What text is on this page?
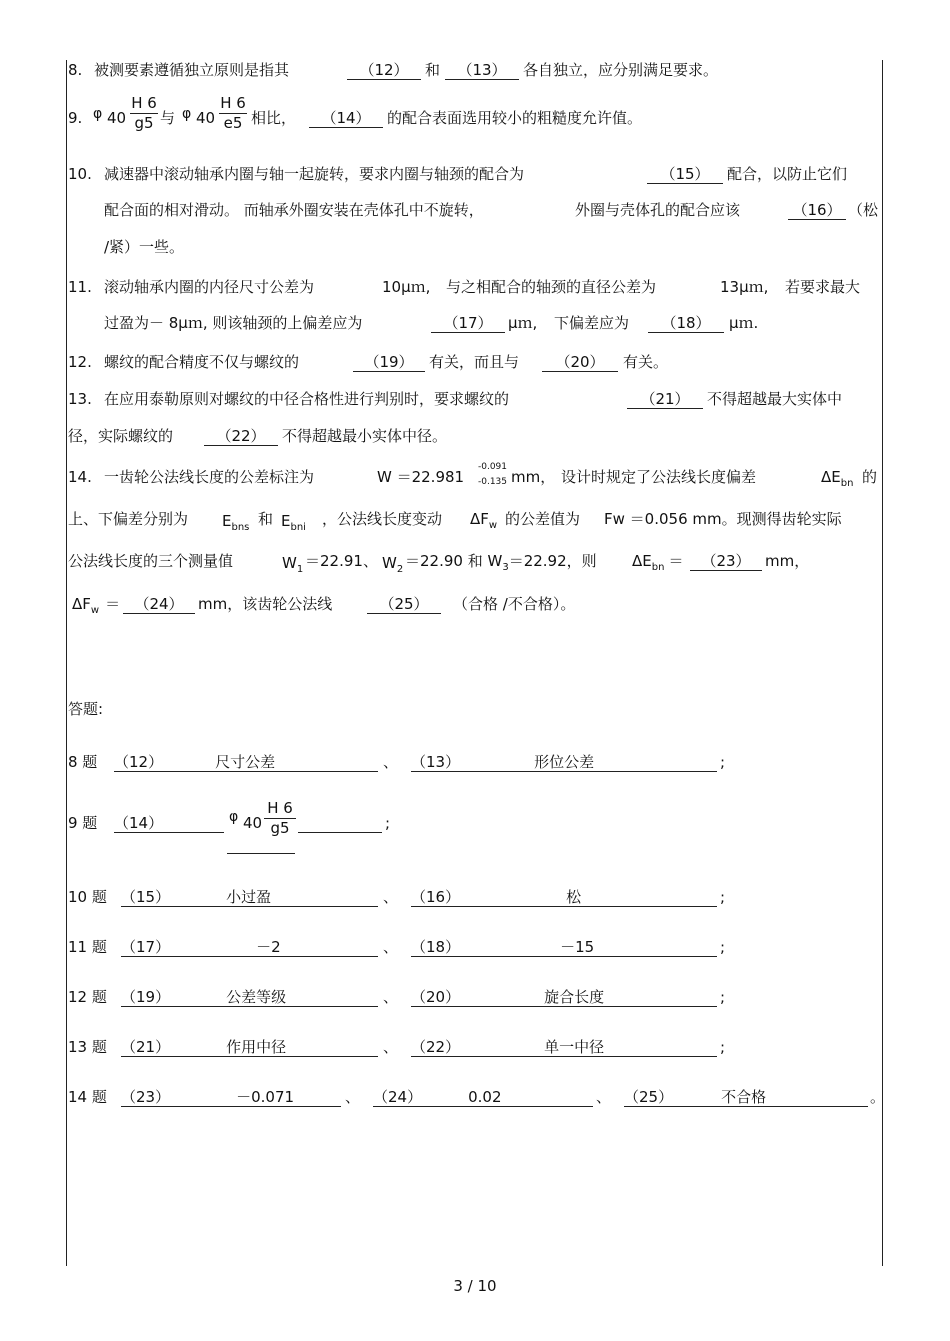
8. 被测要素遵循独立原则是指其	（12）	和	（13）	各自独立，应分别满足要求。
9. φ 40
H 6
g5 与 φ 40
H 6
e5 相比，	（14）	的配合表面选用较小的粗糙度允许值。
10. 减速器中滚动轴承内圈与轴一起旋转，要求内圈与轴颈的配合为	（15）	配合，以防止它们
配合面的相对滑动。 而轴承外圈安装在壳体孔中不旋转，	外圈与壳体孔的配合应该	（16） （松
/紧）一些。
11. 滚动轴承内圈的内径尺寸公差为	10μｍ, 与之相配合的轴颈的直径公差为	13μｍ, 若要求最大
过盈为－ 8μｍ, 则该轴颈的上偏差应为	（17）	μｍ, 下偏差应为	（18）	μｍ.
12. 螺纹的配合精度不仅与螺纹的	（19）	有关，而且与	（20）	有关。
13. 在应用泰勒原则对螺纹的中径合格性进行判别时，要求螺纹的	（21）	不得超越最大实体中
径，实际螺纹的	（22）	不得超越最小实体中径。
14. 一齿轮公法线长度的公差标注为	W ＝22.981
-0.091
-0.135 mm， 设计时规定了公法线长度偏差	$\Delta E_{bn}$ 的
上、下偏差分别为 $E_{bns}$ 和 $E_{bni}$ ，公法线长度变动 $\Delta F_w$ 的公差值为 Fw ＝0.056 mm。现测得齿轮实际
公法线长度的三个测量值	$W_1 =22.91$、 $W_2 =22.90$ 和 $W_3=22.92$，则 $\Delta E_{bn}$ ＝	（23） mm，
$\Delta F_w = (24)$ mm，该齿轮公法线	（25）	（合格 /不合格）。
答题:
8 题 （12）	尺寸公差	、 （13）	形位公差	;
9 题 （14）	φ 40
H 6
g5	;
10 题 （15）	小过盈	、 （16）	松	;
11 题 （17）	－2	、 （18）	－15	;
12 题 （19）	公差等级	、 （20）	旋合长度	;
13 题 （21）	作用中径	、 （22）	单一中径	;
14 题 （23）	－0.071	、 （24）	0.02	、 （25）	不合格	。
3 / 10
